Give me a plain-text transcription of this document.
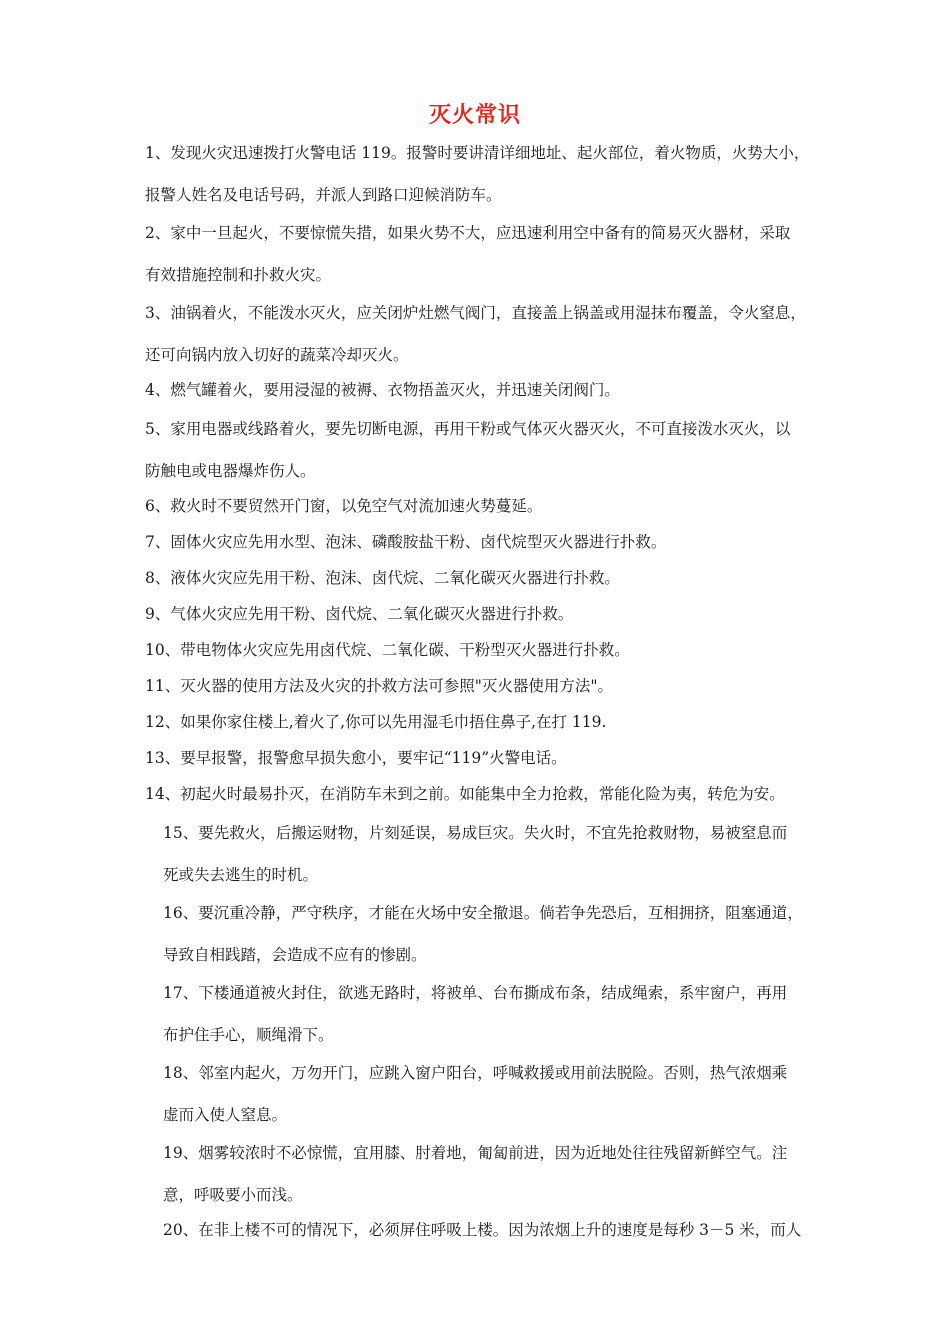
灭火常识

1、发现火灾迅速拨打火警电话 119。报警时要讲清详细地址、起火部位，着火物质，火势大小，
报警人姓名及电话号码，并派人到路口迎候消防车。

2、家中一旦起火，不要惊慌失措，如果火势不大，应迅速利用空中备有的简易灭火器材，采取
有效措施控制和扑救火灾。

3、油锅着火，不能泼水灭火，应关闭炉灶燃气阀门，直接盖上锅盖或用湿抹布覆盖，令火窒息，
还可向锅内放入切好的蔬菜冷却灭火。

4、燃气罐着火，要用浸湿的被褥、衣物捂盖灭火，并迅速关闭阀门。

5、家用电器或线路着火，要先切断电源，再用干粉或气体灭火器灭火，不可直接泼水灭火，以
防触电或电器爆炸伤人。

6、救火时不要贸然开门窗，以免空气对流加速火势蔓延。

7、固体火灾应先用水型、泡沫、磷酸胺盐干粉、卤代烷型灭火器进行扑救。

8、液体火灾应先用干粉、泡沫、卤代烷、二氧化碳灭火器进行扑救。

9、气体火灾应先用干粉、卤代烷、二氧化碳灭火器进行扑救。

10、带电物体火灾应先用卤代烷、二氧化碳、干粉型灭火器进行扑救。

11、灭火器的使用方法及火灾的扑救方法可参照"灭火器使用方法"。

12、如果你家住楼上,着火了,你可以先用湿毛巾捂住鼻子,在打 119.

13、要早报警，报警愈早损失愈小，要牢记“119”火警电话。

14、初起火时最易扑灭，在消防车未到之前。如能集中全力抢救，常能化险为夷，转危为安。

15、要先救火，后搬运财物，片刻延误，易成巨灾。失火时，不宜先抢救财物，易被窒息而
死或失去逃生的时机。

16、要沉重冷静，严守秩序，才能在火场中安全撤退。倘若争先恐后，互相拥挤，阻塞通道，
导致自相践踏，会造成不应有的惨剧。

17、下楼通道被火封住，欲逃无路时，将被单、台布撕成布条，结成绳索，系牢窗户，再用
布护住手心，顺绳滑下。

18、邻室内起火，万勿开门，应跳入窗户阳台，呼喊救援或用前法脱险。否则，热气浓烟乘
虚而入使人窒息。

19、烟雾较浓时不必惊慌，宜用膝、肘着地，匍匐前进，因为近地处往往残留新鲜空气。注
意，呼吸要小而浅。

20、在非上楼不可的情况下，必须屏住呼吸上楼。因为浓烟上升的速度是每秒 3－5 米，而人
